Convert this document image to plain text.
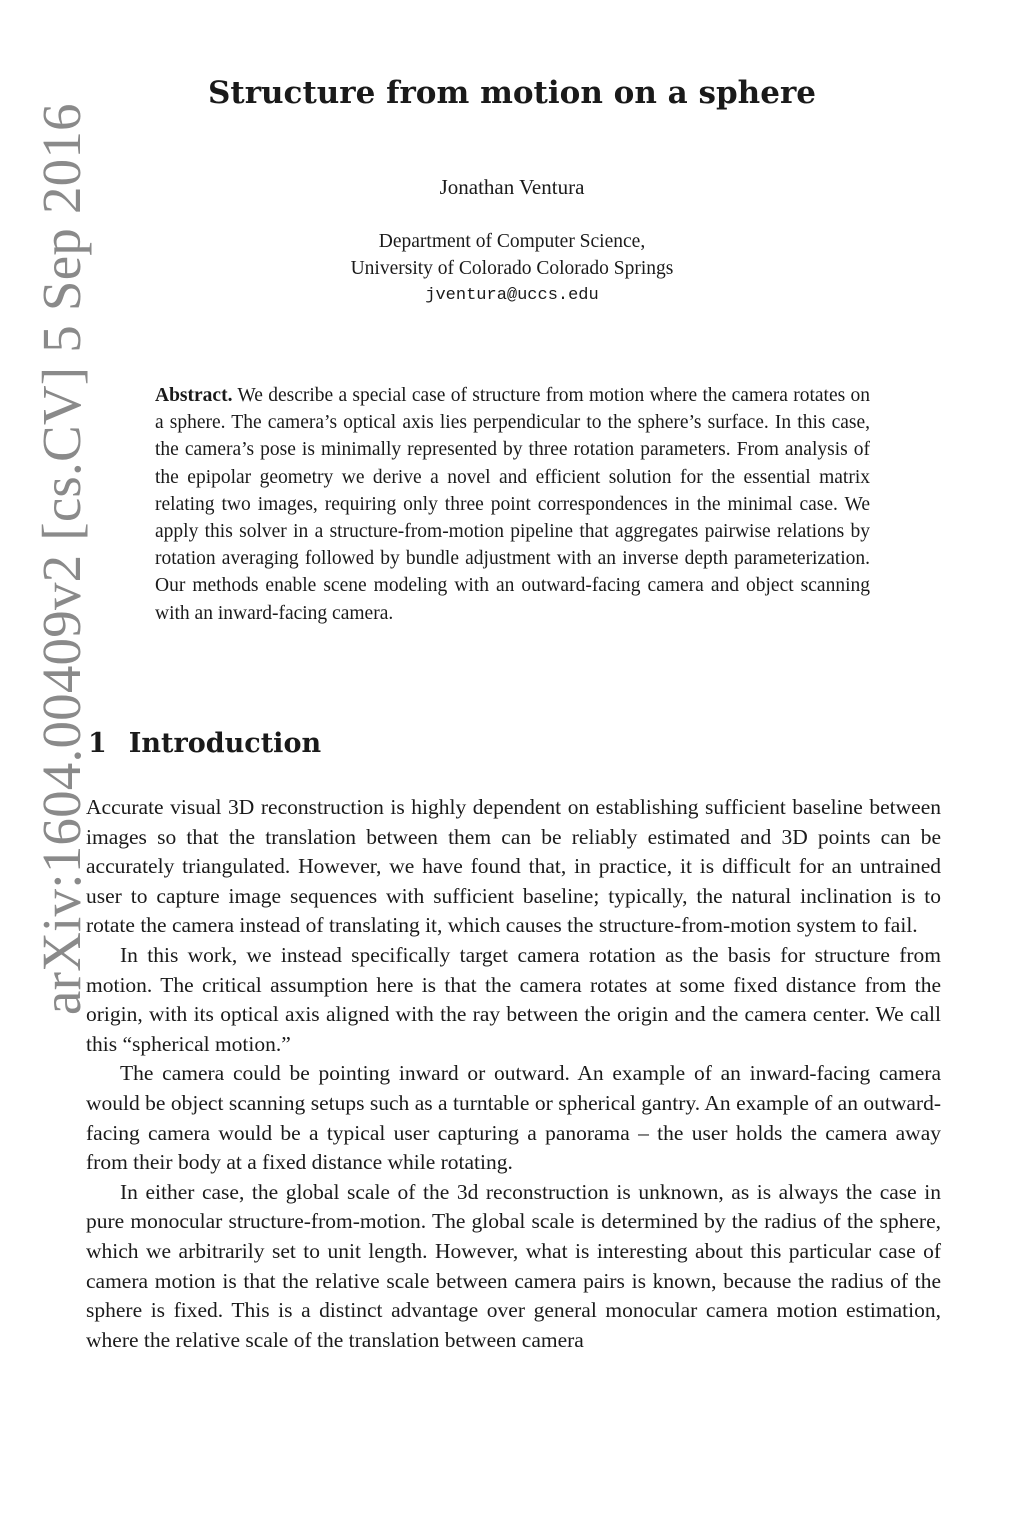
arXiv:1604.00409v2 [cs.CV] 5 Sep 2016
Structure from motion on a sphere
Jonathan Ventura
Department of Computer Science,
University of Colorado Colorado Springs
jventura@uccs.edu

Abstract. We describe a special case of structure from motion where the camera rotates on a sphere. The camera’s optical axis lies perpendicular to the sphere’s surface. In this case, the camera’s pose is minimally represented by three rotation parameters. From analysis of the epipolar geometry we derive a novel and efficient solution for the essential matrix relating two images, requiring only three point correspondences in the minimal case. We apply this solver in a structure-from-motion pipeline that aggregates pairwise relations by rotation averaging followed by bundle adjustment with an inverse depth parameterization. Our methods enable scene modeling with an outward-facing camera and object scanning with an inward-facing camera.

1 Introduction

Accurate visual 3D reconstruction is highly dependent on establishing sufficient baseline between images so that the translation between them can be reliably estimated and 3D points can be accurately triangulated. However, we have found that, in practice, it is difficult for an untrained user to capture image sequences with sufficient baseline; typically, the natural inclination is to rotate the camera instead of translating it, which causes the structure-from-motion system to fail.

In this work, we instead specifically target camera rotation as the basis for structure from motion. The critical assumption here is that the camera rotates at some fixed distance from the origin, with its optical axis aligned with the ray between the origin and the camera center. We call this “spherical motion.”

The camera could be pointing inward or outward. An example of an inward-facing camera would be object scanning setups such as a turntable or spherical gantry. An example of an outward-facing camera would be a typical user capturing a panorama – the user holds the camera away from their body at a fixed distance while rotating.

In either case, the global scale of the 3d reconstruction is unknown, as is always the case in pure monocular structure-from-motion. The global scale is determined by the radius of the sphere, which we arbitrarily set to unit length. However, what is interesting about this particular case of camera motion is that the relative scale between camera pairs is known, because the radius of the sphere is fixed. This is a distinct advantage over general monocular camera motion estimation, where the relative scale of the translation between camera
